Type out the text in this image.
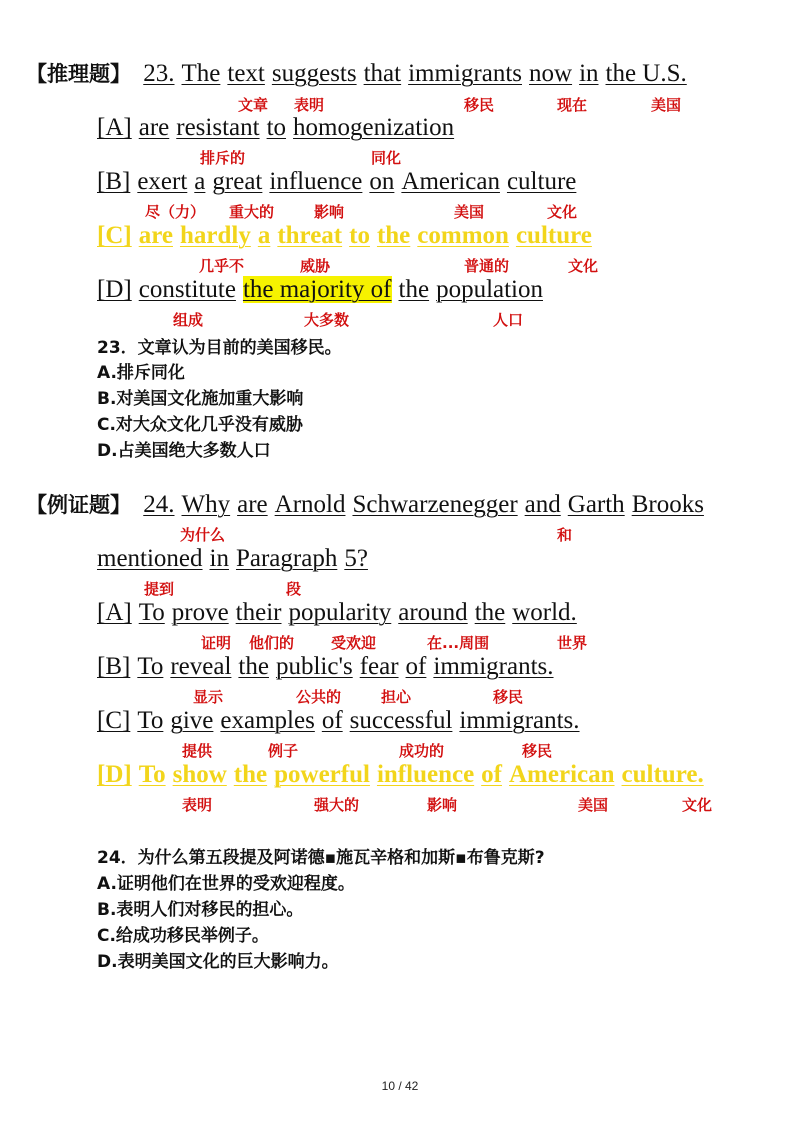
【推理题】 23. The text suggests that immigrants now in the U.S.
文章 表明	移民	现在	美国
[A] are resistant to homogenization
排斥的	同化
[B] exert a great influence on American culture
尽（力） 重大的	影响	美国	文化
[C] are hardly a threat to the common culture
几乎不	威胁	普通的	文化
[D] constitute the majority of the population
组成	大多数	人口
23．文章认为目前的美国移民。
A.排斥同化
B.对美国文化施加重大影响
C.对大众文化几乎没有威胁
D.占美国绝大多数人口
【例证题】 24. Why are Arnold Schwarzenegger and Garth Brooks
为什么	和
mentioned in Paragraph 5?
提到	段
[A] To prove their popularity around the world.
证明 他们的 受欢迎	在...周围	世界
[B] To reveal the public's fear of immigrants.
显示	公共的	担心	移民
[C] To give examples of successful immigrants.
提供	例子	成功的	移民
[D] To show the powerful influence of American culture.
表明	强大的	影响	美国	文化
24．为什么第五段提及阿诺德▪施瓦辛格和加斯▪布鲁克斯?
A.证明他们在世界的受欢迎程度。
B.表明人们对移民的担心。
C.给成功移民举例子。
D.表明美国文化的巨大影响力。
10 / 42
